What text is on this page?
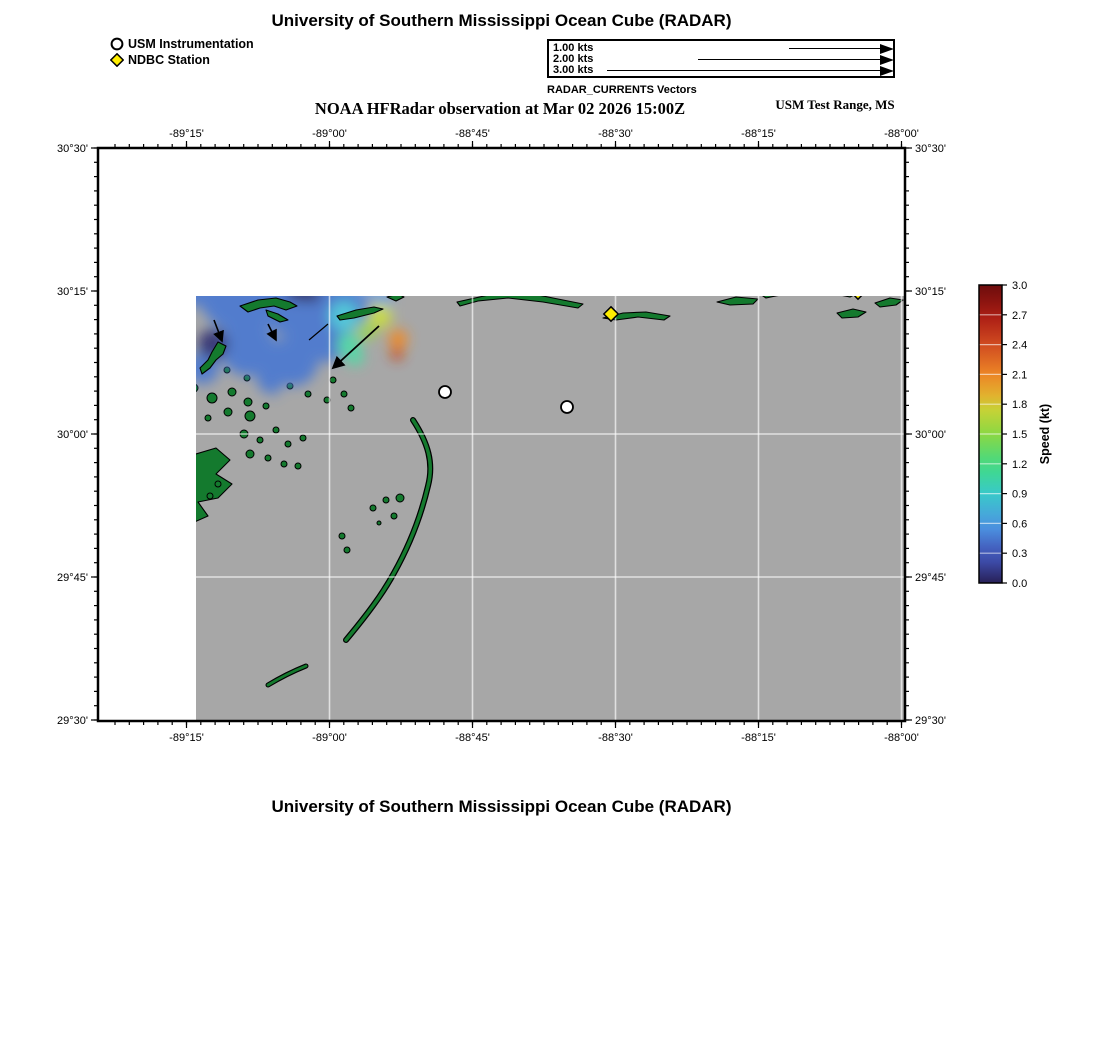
University of Southern Mississippi Ocean Cube (RADAR)
USM Instrumentation
NDBC Station
1.00 kts
2.00 kts
3.00 kts
RADAR_CURRENTS Vectors
NOAA HFRadar observation at Mar 02 2026 15:00Z	USM Test Range, MS
-89°15'
-89°15'
-89°00'
-89°00'
-88°45'
-88°45'
-88°30'
-88°30'
-88°15'
-88°15'
-88°00'
-88°00'
30°30'	30°30'
30°15'	30°15'
30°00'	30°00'
29°45'	29°45'
29°30'	29°30'
3.0
2.7
2.4
2.1
1.8
1.5
1.2
0.9
0.6
0.3
0.0
Speed (kt)
University of Southern Mississippi Ocean Cube (RADAR)
